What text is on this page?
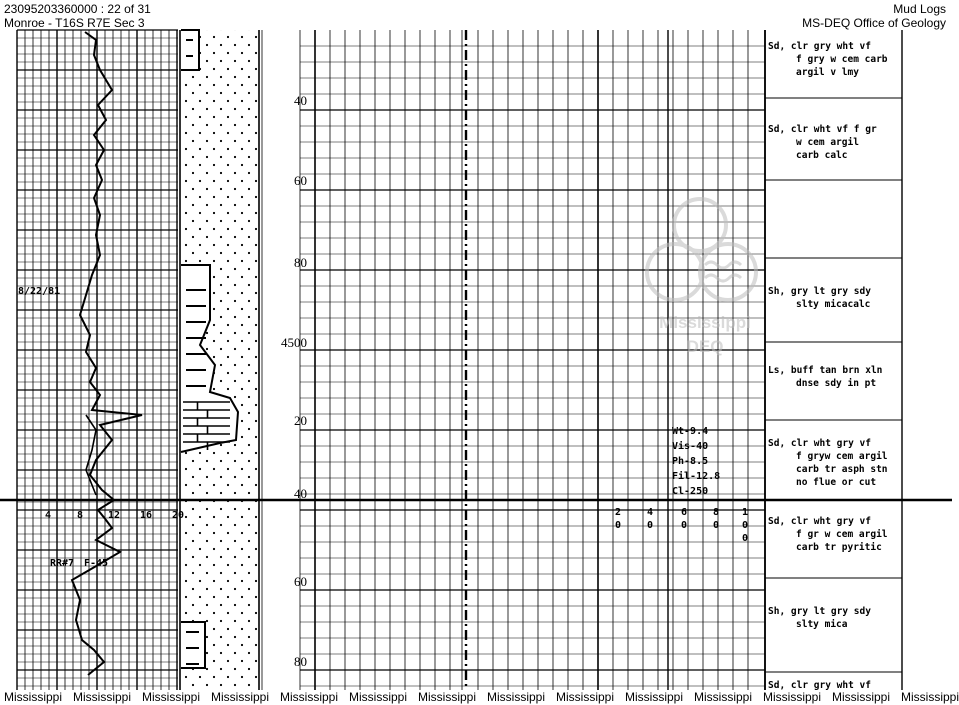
23095203360000 : 22 of 31
Monroe - T16S R7E Sec 3
Mud Logs
MS-DEQ Office of Geology
40
60
80
4500
20
40
60
80
Sd, clr gry wht vf
f gry w cem carb
argil v lmy
Sd, clr wht vf f gr
w cem argil
carb calc
Sh, gry lt gry sdy
slty micacalc
Ls, buff tan brn xln
dnse sdy in pt
Sd, clr wht gry vf
f gryw cem argil
carb tr asph stn
no flue or cut
Sd, clr wht gry vf
f gr w cem argil
carb tr pyritic
Sh, gry lt gry sdy
slty mica
Sd, clr gry wht vf
8/22/81
RR#7 F-45
4	8 12 16 20	2	4	6	8 1
0	0	0	0 0
0
Wt-9.4
Vis-40
Ph-8.5
Fil-12.8
Cl-250
Mississippi
DEQ
Mississippi Mississippi Mississippi Mississippi Mississippi Mississippi Mississippi Mississippi Mississippi Mississippi Mississippi Mississippi Mississippi Mississippi
